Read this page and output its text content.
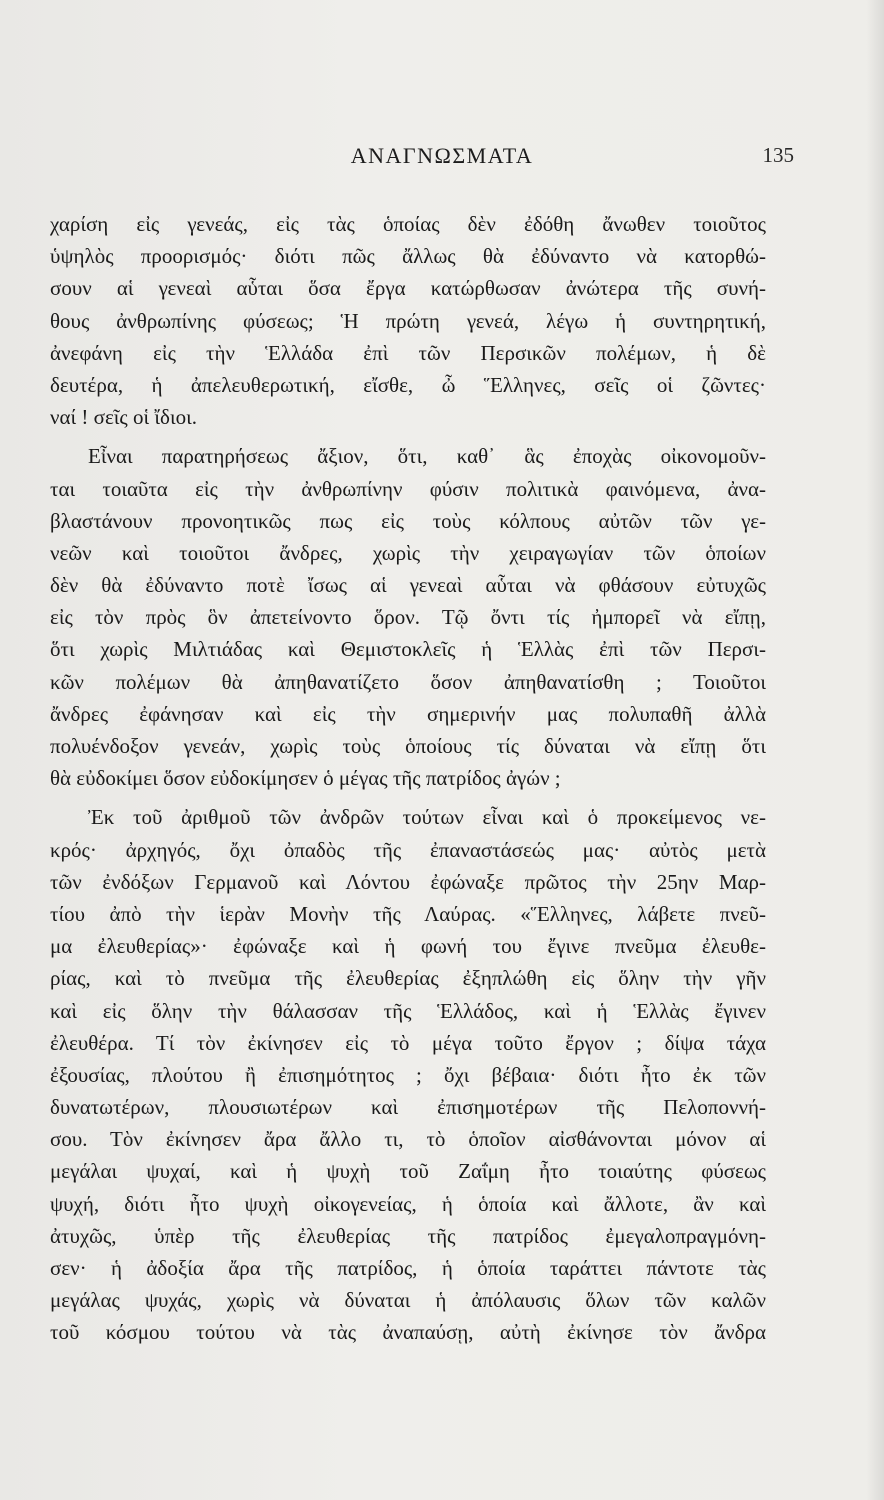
ΑΝΑΓΝΩΣΜΑΤΑ	135
χαρίση εἰς γενεάς, εἰς τὰς ὁποίας δὲν ἐδόθη ἄνωθεν τοιοῦτος
ὑψηλὸς προορισμός· διότι πῶς ἄλλως θὰ ἐδύναντο νὰ κατορθώ-
σουν αἱ γενεαὶ αὗται ὅσα ἔργα κατώρθωσαν ἀνώτερα τῆς συνή-
θους ἀνθρωπίνης φύσεως; Ἡ πρώτη γενεά, λέγω ἡ συντηρητική,
ἀνεφάνη εἰς τὴν Ἑλλάδα ἐπὶ τῶν Περσικῶν πολέμων, ἡ δὲ
δευτέρα, ἡ ἀπελευθερωτική, εἴσθε, ὦ Ἕλληνες, σεῖς οἱ ζῶντες·
ναί ! σεῖς οἱ ἴδιοι.
Εἶναι παρατηρήσεως ἄξιον, ὅτι, καθ᾽ ἃς ἐποχὰς οἰκονομοῦν-
ται τοιαῦτα εἰς τὴν ἀνθρωπίνην φύσιν πολιτικὰ φαινόμενα, ἀνα-
βλαστάνουν προνοητικῶς πως εἰς τοὺς κόλπους αὐτῶν τῶν γε-
νεῶν καὶ τοιοῦτοι ἄνδρες, χωρὶς τὴν χειραγωγίαν τῶν ὁποίων
δὲν θὰ ἐδύναντο ποτὲ ἴσως αἱ γενεαὶ αὗται νὰ φθάσουν εὐτυχῶς
εἰς τὸν πρὸς ὃν ἀπετείνοντο ὅρον. Τῷ ὄντι τίς ἠμπορεῖ νὰ εἴπῃ,
ὅτι χωρὶς Μιλτιάδας καὶ Θεμιστοκλεῖς ἡ Ἑλλὰς ἐπὶ τῶν Περσι-
κῶν πολέμων θὰ ἀπηθανατίζετο ὅσον ἀπηθανατίσθη ; Τοιοῦτοι
ἄνδρες ἐφάνησαν καὶ εἰς τὴν σημερινήν μας πολυπαθῆ ἀλλὰ
πολυένδοξον γενεάν, χωρὶς τοὺς ὁποίους τίς δύναται νὰ εἴπῃ ὅτι
θὰ εὐδοκίμει ὅσον εὐδοκίμησεν ὁ μέγας τῆς πατρίδος ἀγών ;
Ἐκ τοῦ ἀριθμοῦ τῶν ἀνδρῶν τούτων εἶναι καὶ ὁ προκείμενος νε-
κρός· ἀρχηγός, ὄχι ὀπαδὸς τῆς ἐπαναστάσεώς μας· αὐτὸς μετὰ
τῶν ἐνδόξων Γερμανοῦ καὶ Λόντου ἐφώναξε πρῶτος τὴν 25ην Μαρ-
τίου ἀπὸ τὴν ἱερὰν Μονὴν τῆς Λαύρας. «Ἕλληνες, λάβετε πνεῦ-
μα ἐλευθερίας»· ἐφώναξε καὶ ἡ φωνή του ἔγινε πνεῦμα ἐλευθε-
ρίας, καὶ τὸ πνεῦμα τῆς ἐλευθερίας ἐξηπλώθη εἰς ὅλην τὴν γῆν
καὶ εἰς ὅλην τὴν θάλασσαν τῆς Ἑλλάδος, καὶ ἡ Ἑλλὰς ἔγινεν
ἐλευθέρα. Τί τὸν ἐκίνησεν εἰς τὸ μέγα τοῦτο ἔργον ; δίψα τάχα
ἐξουσίας, πλούτου ἢ ἐπισημότητος ; ὄχι βέβαια· διότι ἦτο ἐκ τῶν
δυνατωτέρων, πλουσιωτέρων καὶ ἐπισημοτέρων τῆς Πελοποννή-
σου. Τὸν ἐκίνησεν ἄρα ἄλλο τι, τὸ ὁποῖον αἰσθάνονται μόνον αἱ
μεγάλαι ψυχαί, καὶ ἡ ψυχὴ τοῦ Ζαΐμη ἦτο τοιαύτης φύσεως
ψυχή, διότι ἦτο ψυχὴ οἰκογενείας, ἡ ὁποία καὶ ἄλλοτε, ἂν καὶ
ἀτυχῶς, ὑπὲρ τῆς ἐλευθερίας τῆς πατρίδος ἐμεγαλοπραγμόνη-
σεν· ἡ ἀδοξία ἄρα τῆς πατρίδος, ἡ ὁποία ταράττει πάντοτε τὰς
μεγάλας ψυχάς, χωρὶς νὰ δύναται ἡ ἀπόλαυσις ὅλων τῶν καλῶν
τοῦ κόσμου τούτου νὰ τὰς ἀναπαύσῃ, αὐτὴ ἐκίνησε τὸν ἄνδρα
